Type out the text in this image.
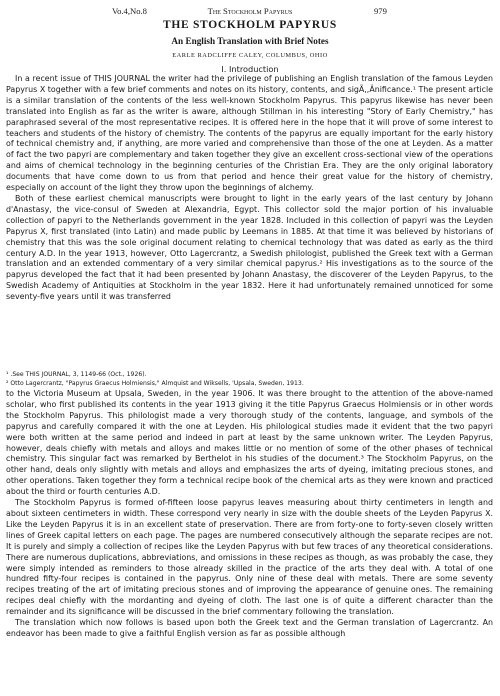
Vo.4,No.8	The Stockholm Papyrus	979
THE STOCKHOLM PAPYRUS
An English Translation with Brief Notes
EARLE RADCLIFFE CALEY, COLUMBUS, OHIO
I. Introduction

In a recent issue of THIS JOURNAL the writer had the privilege of publishing an English translation of the famous Leyden Papyrus X together with a few brief comments and notes on its history, contents, and sigÃ‚,Ânificance.¹ The present article is a similar translation of the contents of the less well-known Stockholm Papyrus. This papyrus likewise has never been translated into English as far as the writer is aware, although Stillman in his interesting "Story of Early Chemistry," has paraphrased several of the most representative recipes. It is offered here in the hope that it will prove of some interest to teachers and students of the history of chemistry. The contents of the papyrus are equally important for the early history of technical chemistry and, if anything, are more varied and comprehensive than those of the one at Leyden. As a matter of fact the two papyri are complementary and taken together they give an excellent cross-sectional view of the operations and aims of chemical technology in the beginning centuries of the Christian Era. They are the only original laboratory documents that have come down to us from that period and hence their great value for the history of chemistry, especially on account of the light they throw upon the beginnings of alchemy.

Both of these earliest chemical manuscripts were brought to light in the early years of the last century by Johann d'Anastasy, the vice-consul of Sweden at Alexandria, Egypt. This collector sold the major portion of his invaluable collection of papyri to the Netherlands government in the year 1828. Included in this collection of papyri was the Leyden Papyrus X, first translated (into Latin) and made public by Leemans in 1885. At that time it was believed by historians of chemistry that this was the sole original document relating to chemical technology that was dated as early as the third century A.D. In the year 1913, however, Otto Lagercrantz, a Swedish philologist, published the Greek text with a German translation and an extended commentary of a very similar chemical papyrus.² His investigations as to the source of the papyrus developed the fact that it had been presented by Johann Anastasy, the discoverer of the Leyden Papyrus, to the Swedish Academy of Antiquities at Stockholm in the year 1832. Here it had unfortunately remained unnoticed for some seventy-five years until it was transferred

¹ .See THIS JOURNAL, 3, 1149-66 (Oct., 1926).

² Otto Lagercrantz, "Papyrus Graecus Holmiensis," Almquist and Wiksells, 'Upsala, Sweden, 1913.

to the Victoria Museum at Upsala, Sweden, in the year 1906. It was there brought to the attention of the above-named scholar, who first published its contents in the year 1913 giving it the title Papyrus Graecus Holmiensis or in other words the Stockholm Papyrus. This philologist made a very thorough study of the contents, language, and symbols of the papyrus and carefully compared it with the one at Leyden. His philological studies made it evident that the two papyri were both written at the same period and indeed in part at least by the same unknown writer. The Leyden Papyrus, however, deals chiefly with metals and alloys and makes little or no mention of some of the other phases of technical chemistry. This singular fact was remarked by Berthelot in his studies of the document.³ The Stockholm Papyrus, on the other hand, deals only slightly with metals and alloys and emphasizes the arts of dyeing, imitating precious stones, and other operations. Taken together they form a technical recipe book of the chemical arts as they were known and practiced about the third or fourth centuries A.D.

The Stockholm Papyrus is formed of-fifteen loose papyrus leaves measuring about thirty centimeters in length and about sixteen centimeters in width. These correspond very nearly in size with the double sheets of the Leyden Papyrus X. Like the Leyden Papyrus it is in an excellent state of preservation. There are from forty-one to forty-seven closely written lines of Greek capital letters on each page. The pages are numbered consecutively although the separate recipes are not. It is purely and simply a collection of recipes like the Leyden Papyrus with but few traces of any theoretical considerations. There are numerous duplications, abbreviations, and omissions in these recipes as though, as was probably the case, they were simply intended as reminders to those already skilled in the practice of the arts they deal with. A total of one hundred fifty-four recipes is contained in the papyrus. Only nine of these deal with metals. There are some seventy recipes treating of the art of imitating precious stones and of improving the appearance of genuine ones. The remaining recipes deal chiefly with the mordanting and dyeing of cloth. The last one is of quite a different character than the remainder and its significance will be discussed in the brief commentary following the translation.

The translation which now follows is based upon both the Greek text and the German translation of Lagercrantz. An endeavor has been made to give a faithful English version as far as possible although
